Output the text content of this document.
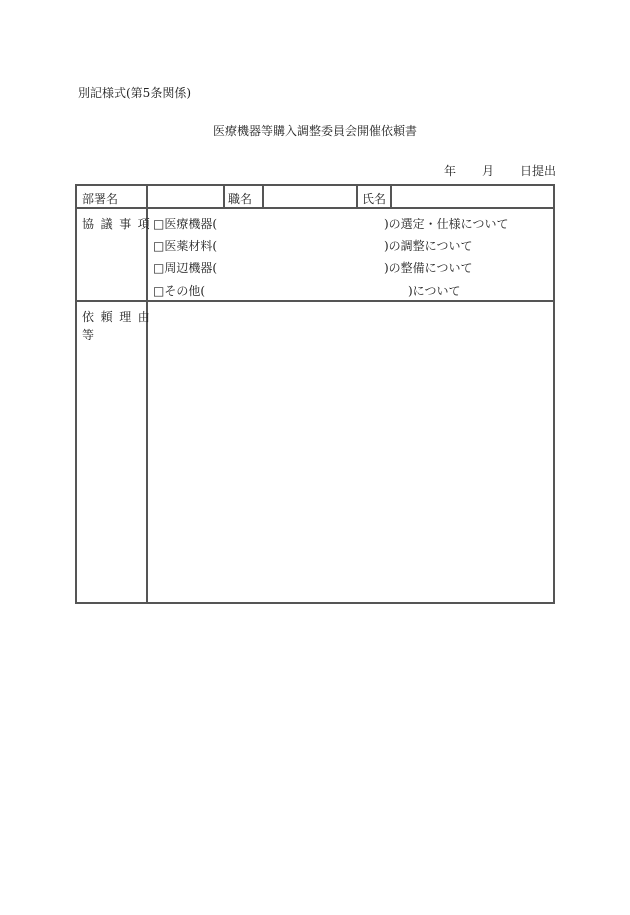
別記様式(第5条関係)
医療機器等購入調整委員会開催依頼書
年 月 日提出
部署名	職名	氏名
協議事項
□医療機器(	)の選定・仕様について
□医薬材料(	)の調整について
□周辺機器(	)の整備について
□その他(	)について
依頼理由
等
